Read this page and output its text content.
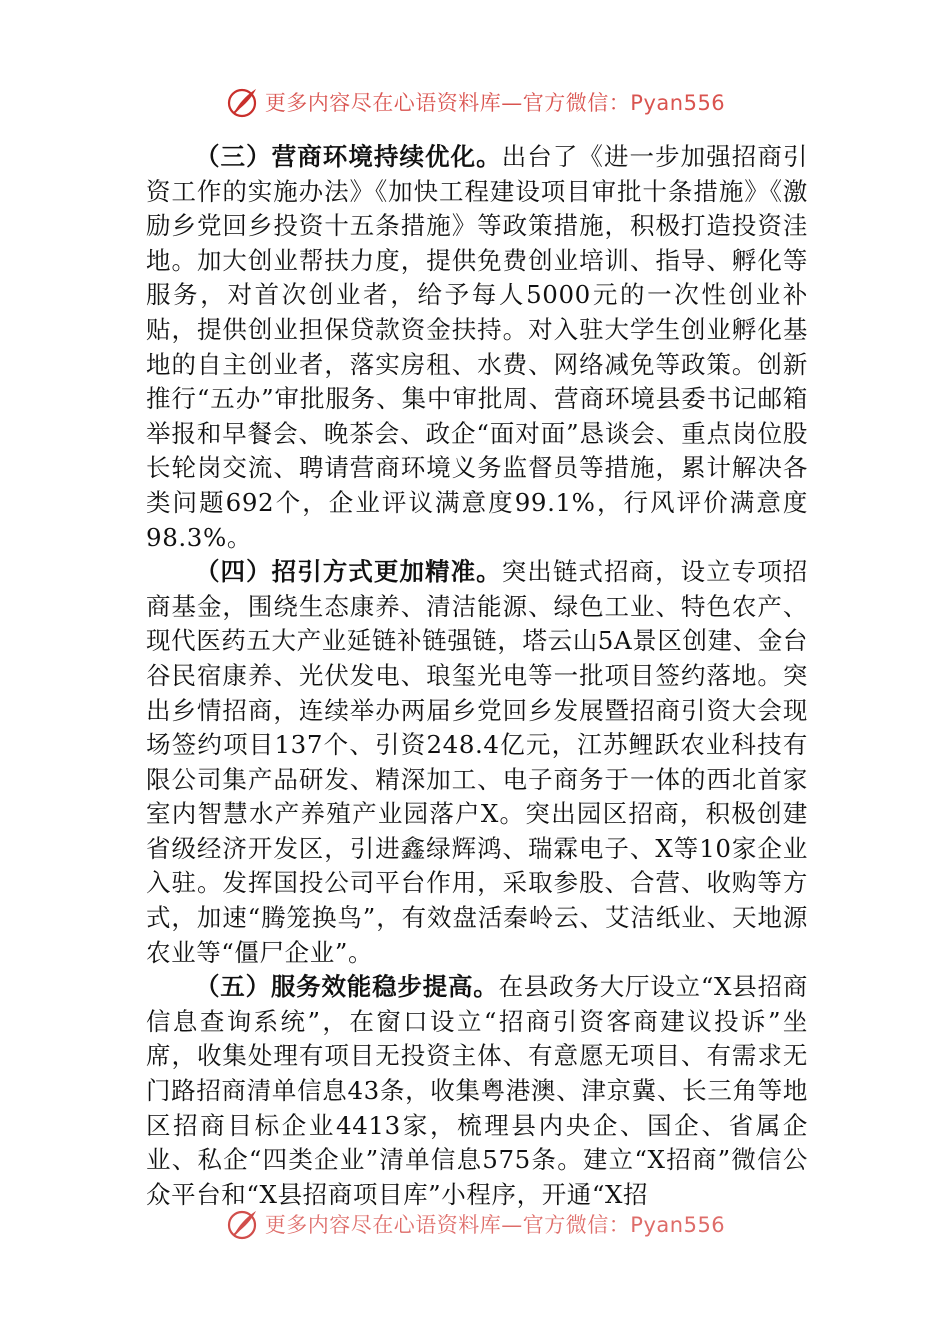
更多内容尽在心语资料库—官方微信：Pyan556

（三）营商环境持续优化。出台了《进一步加强招商引资工作的实施办法》《加快工程建设项目审批十条措施》《激励乡党回乡投资十五条措施》等政策措施，积极打造投资洼地。加大创业帮扶力度，提供免费创业培训、指导、孵化等服务，对首次创业者，给予每人5000元的一次性创业补贴，提供创业担保贷款资金扶持。对入驻大学生创业孵化基地的自主创业者，落实房租、水费、网络减免等政策。创新推行“五办”审批服务、集中审批周、营商环境县委书记邮箱举报和早餐会、晚茶会、政企“面对面”恳谈会、重点岗位股长轮岗交流、聘请营商环境义务监督员等措施，累计解决各类问题692个，企业评议满意度99.1%，行风评价满意度98.3%。

（四）招引方式更加精准。突出链式招商，设立专项招商基金，围绕生态康养、清洁能源、绿色工业、特色农产、现代医药五大产业延链补链强链，塔云山5A景区创建、金台谷民宿康养、光伏发电、琅玺光电等一批项目签约落地。突出乡情招商，连续举办两届乡党回乡发展暨招商引资大会现场签约项目137个、引资248.4亿元，江苏鲤跃农业科技有限公司集产品研发、精深加工、电子商务于一体的西北首家室内智慧水产养殖产业园落户X。突出园区招商，积极创建省级经济开发区，引进鑫绿辉鸿、瑞霖电子、X等10家企业入驻。发挥国投公司平台作用，采取参股、合营、收购等方式，加速“腾笼换鸟”，有效盘活秦岭云、艾洁纸业、天地源农业等“僵尸企业”。

（五）服务效能稳步提高。在县政务大厅设立“X县招商信息查询系统”，在窗口设立“招商引资客商建议投诉”坐席，收集处理有项目无投资主体、有意愿无项目、有需求无门路招商清单信息43条，收集粤港澳、津京冀、长三角等地区招商目标企业4413家，梳理县内央企、国企、省属企业、私企“四类企业”清单信息575条。建立“X招商”微信公众平台和“X县招商项目库”小程序，开通“X招

更多内容尽在心语资料库—官方微信：Pyan556
